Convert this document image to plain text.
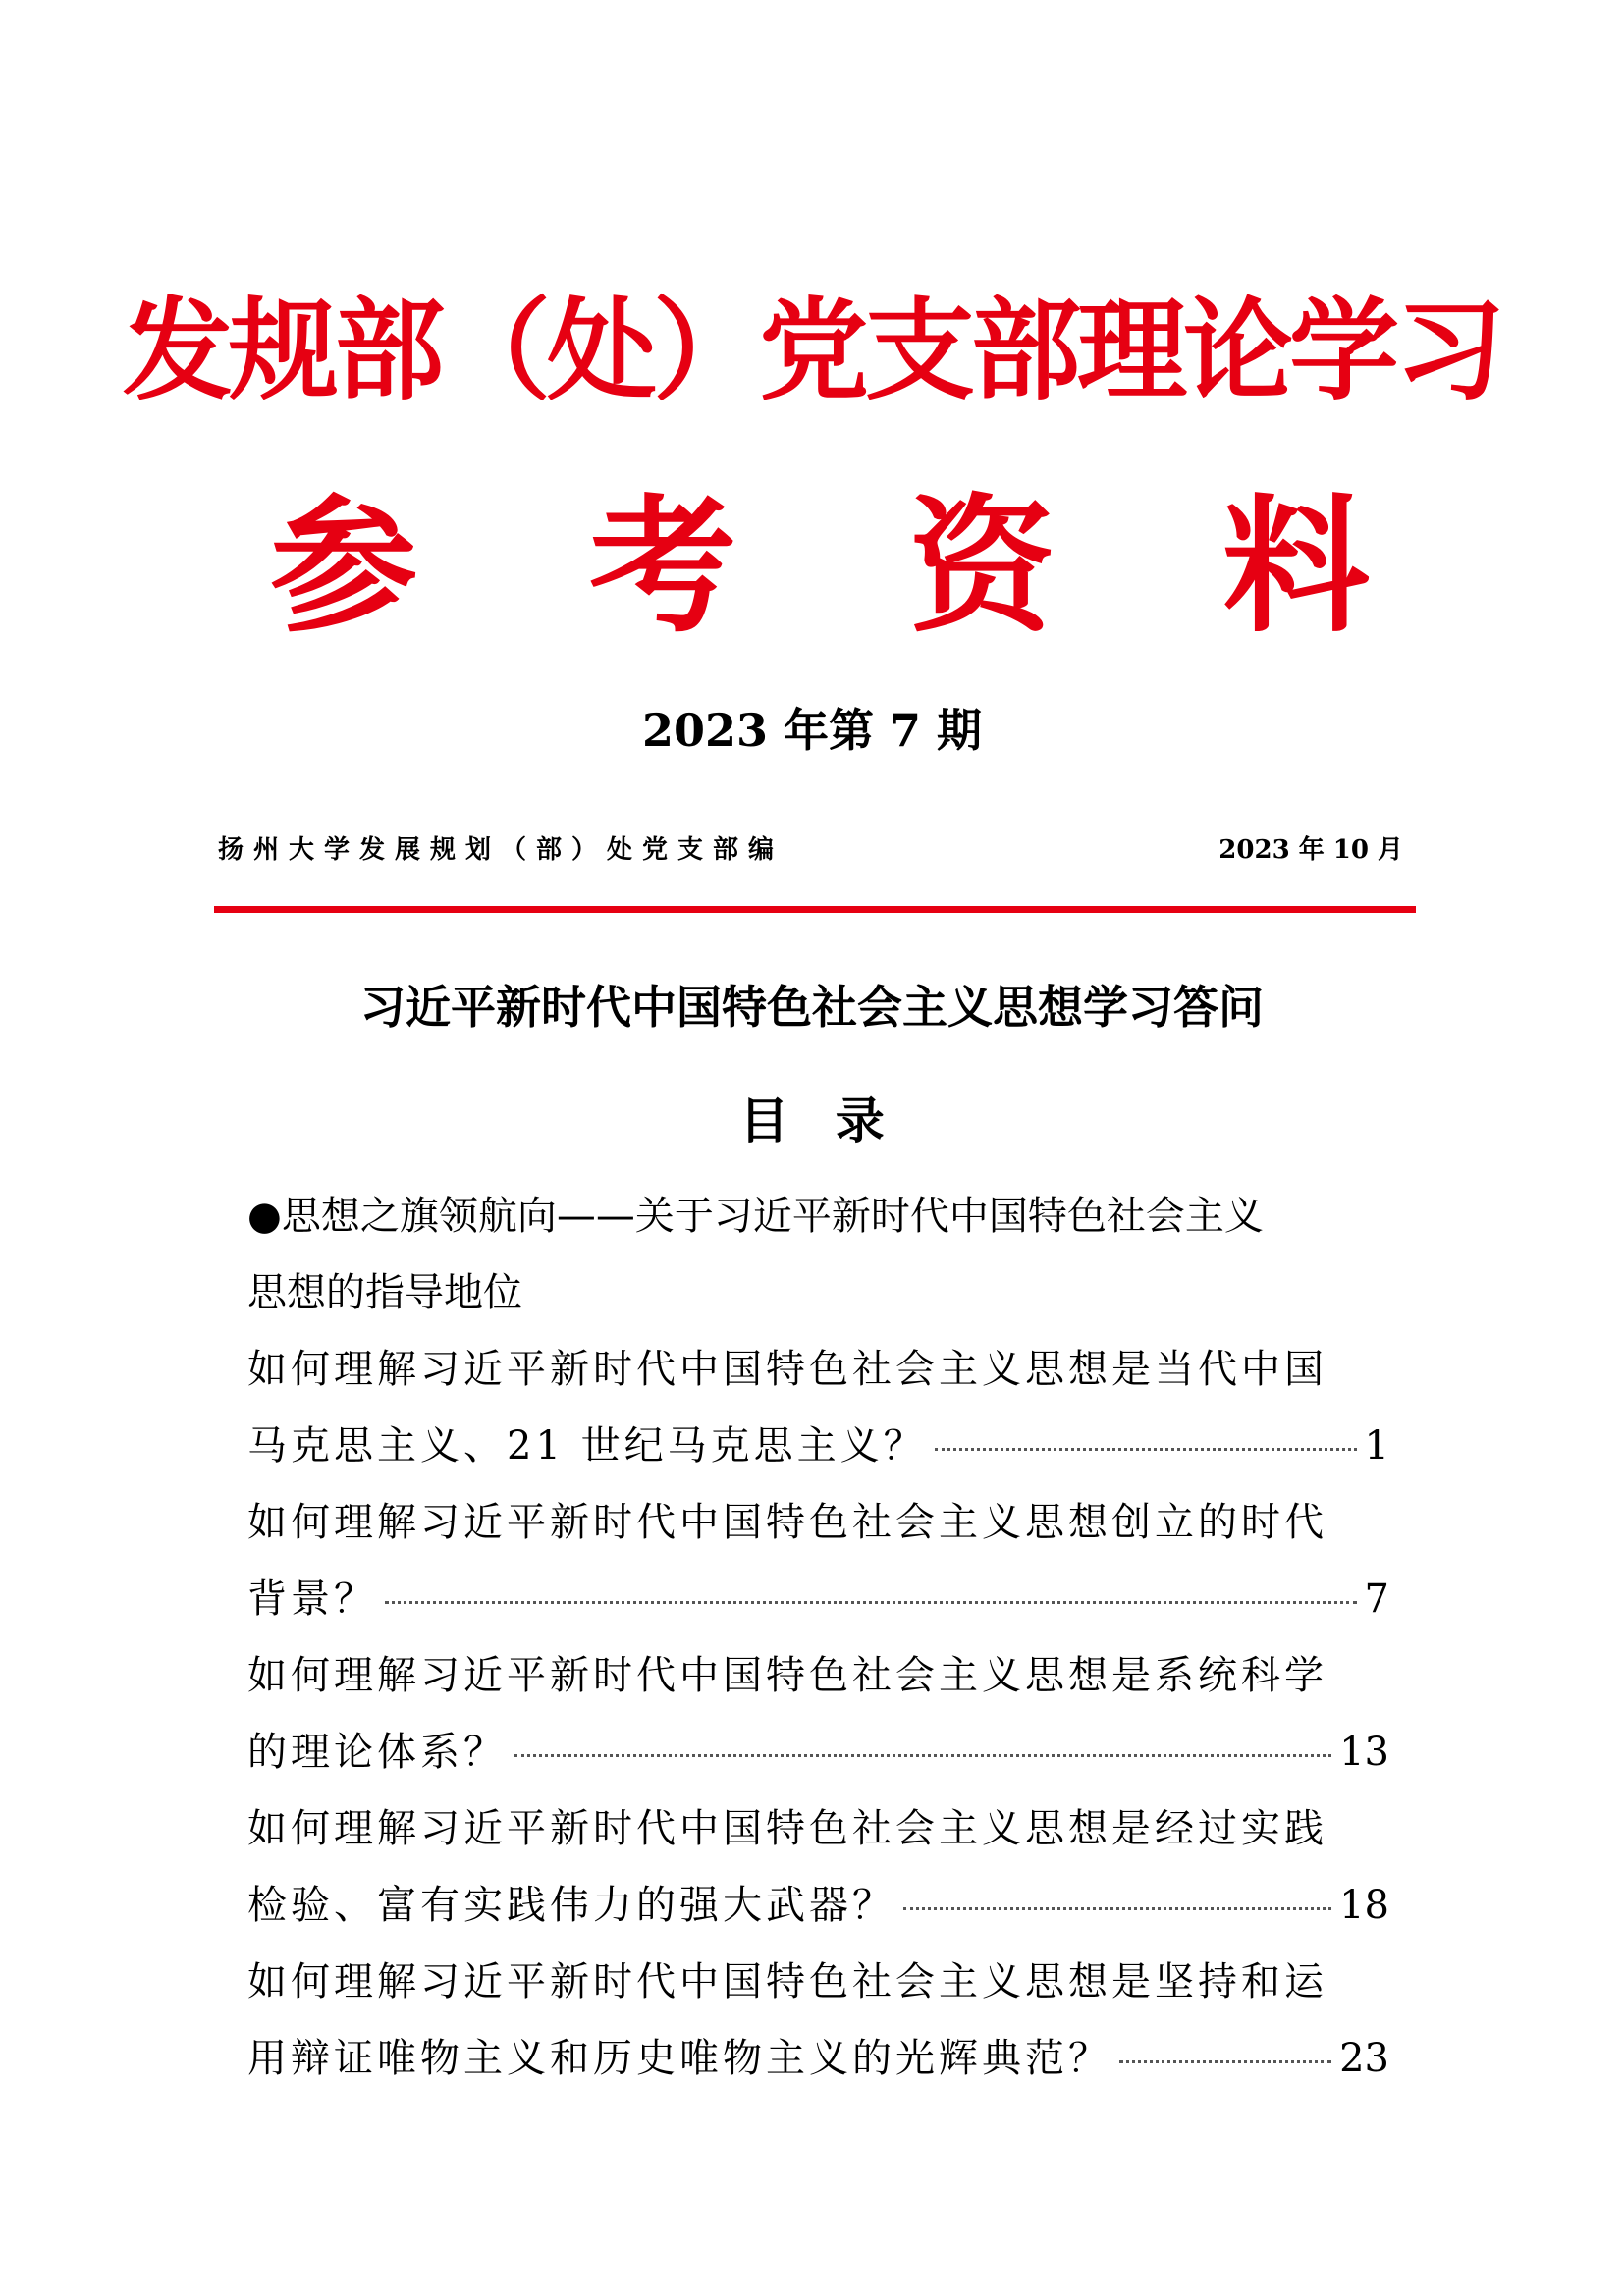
发规部（处）党支部理论学习
参 考 资 料
2023 年第 7 期
扬州大学发展规划（部）处党支部编	2023 年 10 月
习近平新时代中国特色社会主义思想学习答问
目 录
●思想之旗领航向——关于习近平新时代中国特色社会主义
思想的指导地位
如何理解习近平新时代中国特色社会主义思想是当代中国
马克思主义、21 世纪马克思主义？	1
如何理解习近平新时代中国特色社会主义思想创立的时代
背景？	7
如何理解习近平新时代中国特色社会主义思想是系统科学
的理论体系？	13
如何理解习近平新时代中国特色社会主义思想是经过实践
检验、富有实践伟力的强大武器？	18
如何理解习近平新时代中国特色社会主义思想是坚持和运
用辩证唯物主义和历史唯物主义的光辉典范？	23
